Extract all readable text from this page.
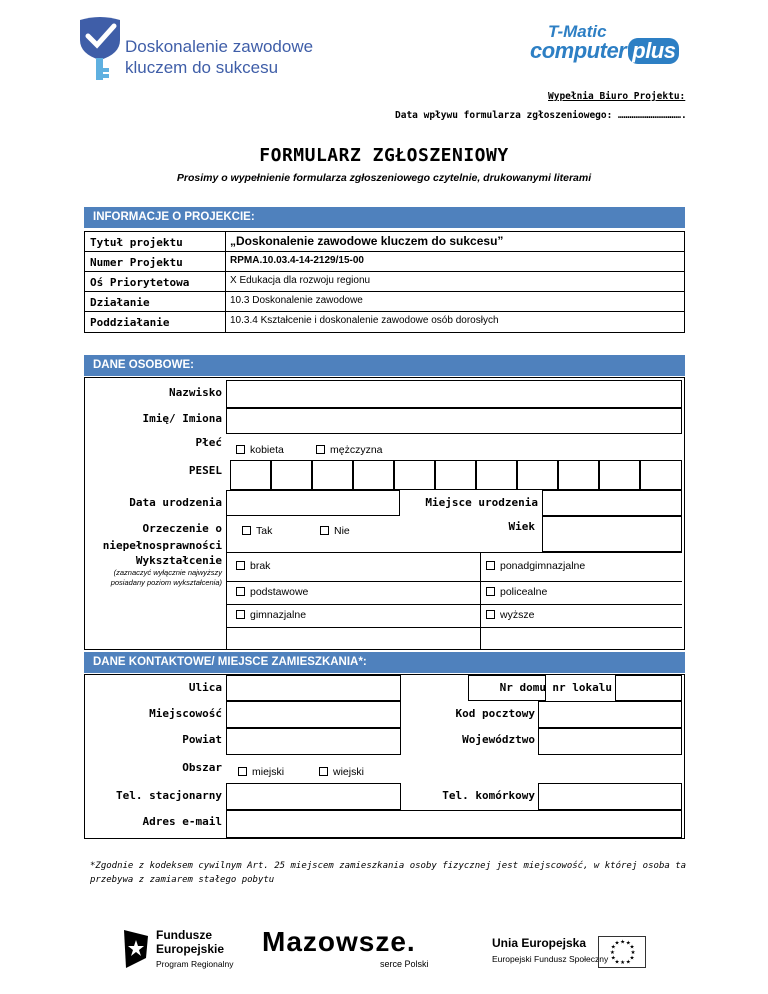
Doskonalenie zawodowe
kluczem do sukcesu
T-Matic
computer plus
Wypełnia Biuro Projektu:
Data wpływu formularza zgłoszeniowego: …………………………….
FORMULARZ ZGŁOSZENIOWY
Prosimy o wypełnienie formularza zgłoszeniowego czytelnie, drukowanymi literami
INFORMACJE O PROJEKCIE:
Tytuł projektu	„Doskonalenie zawodowe kluczem do sukcesu”
Numer Projektu	RPMA.10.03.4-14-2129/15-00
Oś Priorytetowa	X Edukacja dla rozwoju regionu
Działanie	10.3 Doskonalenie zawodowe
Poddziałanie	10.3.4 Kształcenie i doskonalenie zawodowe osób dorosłych
DANE OSOBOWE:
Nazwisko
Imię/ Imiona
Płeć
kobieta	mężczyzna
PESEL
Data urodzenia	Miejsce urodzenia
Orzeczenie o
niepełnosprawności
Tak	Nie	Wiek
Wykształcenie
(zaznaczyć wyłącznie najwyższy posiadany poziom wykształcenia)
brak	ponadgimnazjalne
podstawowe	policealne
gimnazjalne	wyższe
DANE KONTAKTOWE/ MIEJSCE ZAMIESZKANIA*:
Ulica	Nr domu nr lokalu
Miejscowość	Kod pocztowy
Powiat	Województwo
Obszar	miejski	wiejski
Tel. stacjonarny	Tel. komórkowy
Adres e-mail
*Zgodnie z kodeksem cywilnym Art. 25 miejscem zamieszkania osoby fizycznej jest miejscowość, w której osoba ta przebywa z zamiarem stałego pobytu
Fundusze
Europejskie
Program Regionalny
Mazowsze.
serce Polski
Unia Europejska
Europejski Fundusz Społeczny
★ ★
★
★
★
★
★
★
★
★
★
★
